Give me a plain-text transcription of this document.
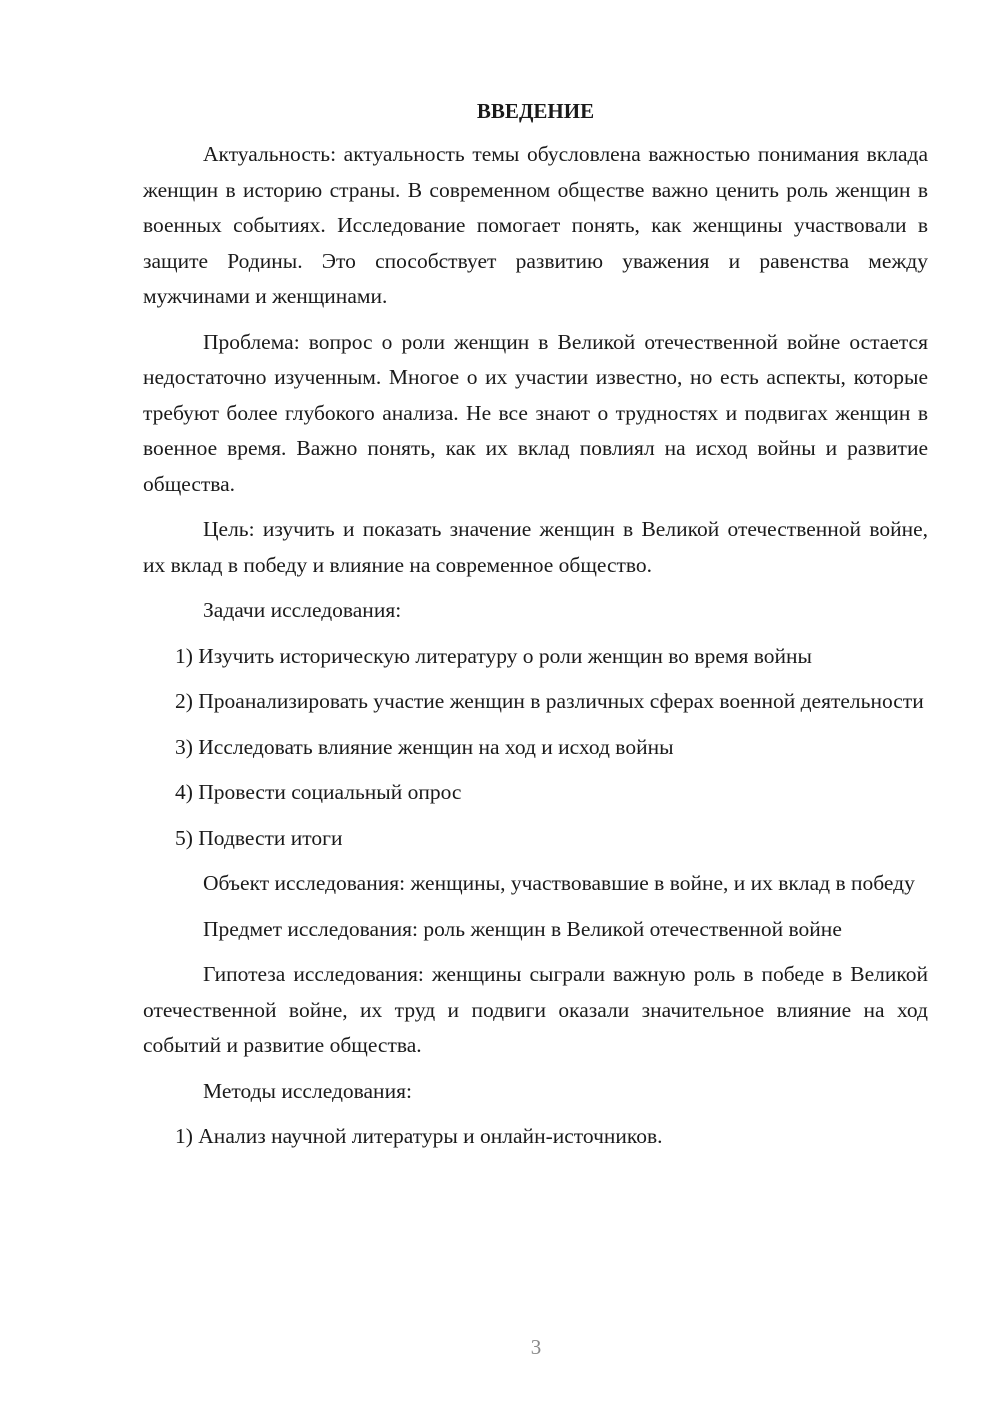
ВВЕДЕНИЕ

Актуальность: актуальность темы обусловлена важностью понимания вклада женщин в историю страны. В современном обществе важно ценить роль женщин в военных событиях. Исследование помогает понять, как женщины участвовали в защите Родины. Это способствует развитию уважения и равенства между мужчинами и женщинами.

Проблема: вопрос о роли женщин в Великой отечественной войне остается недостаточно изученным. Многое о их участии известно, но есть аспекты, которые требуют более глубокого анализа. Не все знают о трудностях и подвигах женщин в военное время. Важно понять, как их вклад повлиял на исход войны и развитие общества.

Цель: изучить и показать значение женщин в Великой отечественной войне, их вклад в победу и влияние на современное общество.

Задачи исследования:

1) Изучить историческую литературу о роли женщин во время войны

2) Проанализировать участие женщин в различных сферах военной деятельности

3) Исследовать влияние женщин на ход и исход войны

4) Провести социальный опрос

5) Подвести итоги

Объект исследования: женщины, участвовавшие в войне, и их вклад в победу

Предмет исследования: роль женщин в Великой отечественной войне

Гипотеза исследования: женщины сыграли важную роль в победе в Великой отечественной войне, их труд и подвиги оказали значительное влияние на ход событий и развитие общества.

Методы исследования:

1) Анализ научной литературы и онлайн-источников.

3
